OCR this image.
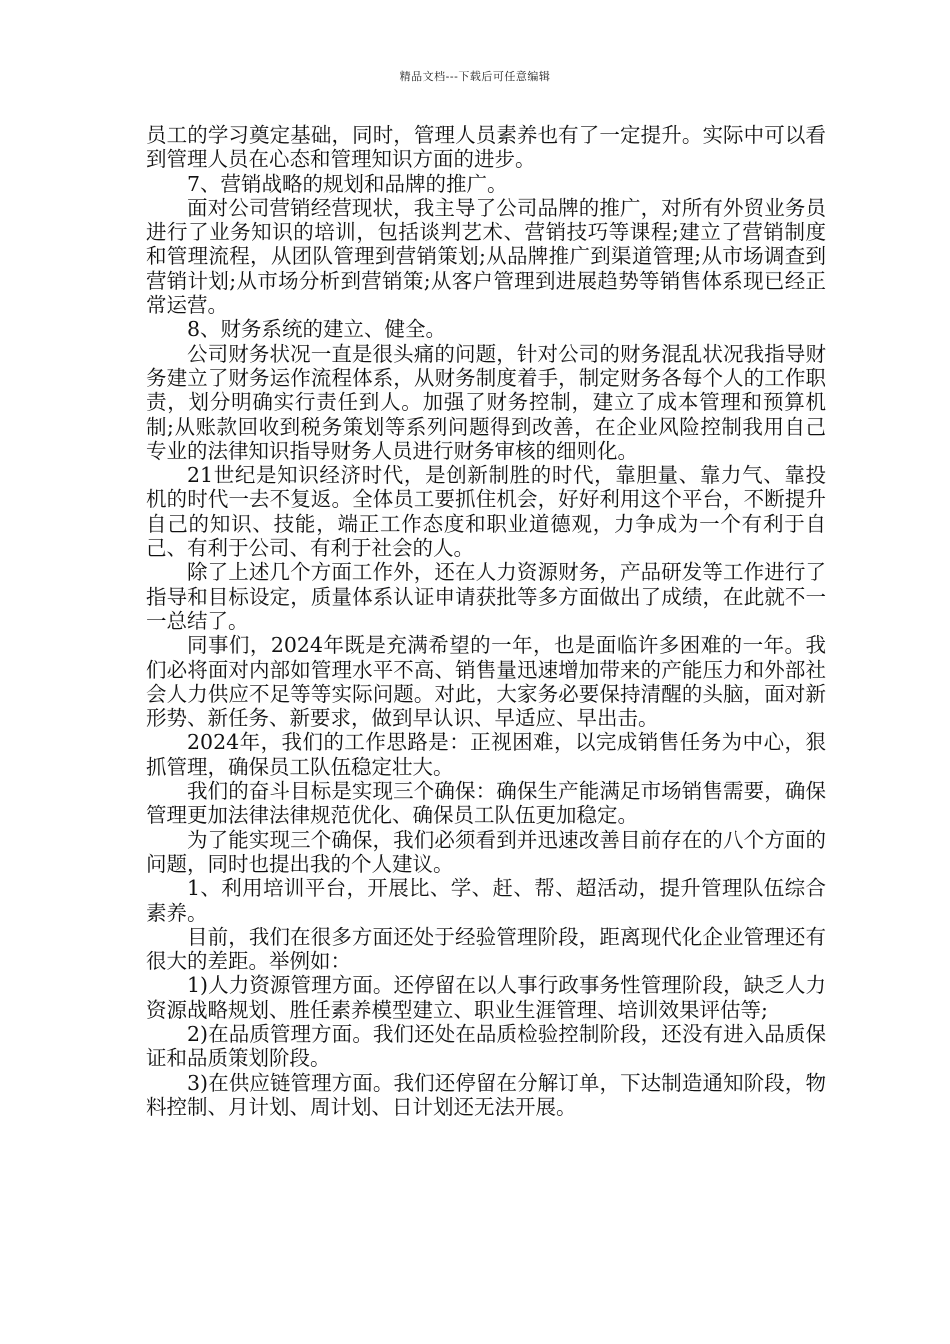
精品文档---下载后可任意编辑

员工的学习奠定基础，同时，管理人员素养也有了一定提升。实际中可以看到管理人员在心态和管理知识方面的进步。

7、营销战略的规划和品牌的推广。

面对公司营销经营现状，我主导了公司品牌的推广，对所有外贸业务员进行了业务知识的培训，包括谈判艺术、营销技巧等课程;建立了营销制度和管理流程，从团队管理到营销策划;从品牌推广到渠道管理;从市场调查到营销计划;从市场分析到营销策;从客户管理到进展趋势等销售体系现已经正常运营。

8、财务系统的建立、健全。

公司财务状况一直是很头痛的问题，针对公司的财务混乱状况我指导财务建立了财务运作流程体系，从财务制度着手，制定财务各每个人的工作职责，划分明确实行责任到人。加强了财务控制，建立了成本管理和预算机制;从账款回收到税务策划等系列问题得到改善，在企业风险控制我用自己专业的法律知识指导财务人员进行财务审核的细则化。

21世纪是知识经济时代，是创新制胜的时代，靠胆量、靠力气、靠投机的时代一去不复返。全体员工要抓住机会，好好利用这个平台，不断提升自己的知识、技能，端正工作态度和职业道德观，力争成为一个有利于自己、有利于公司、有利于社会的人。

除了上述几个方面工作外，还在人力资源财务，产品研发等工作进行了指导和目标设定，质量体系认证申请获批等多方面做出了成绩，在此就不一一总结了。

同事们，2024年既是充满希望的一年，也是面临许多困难的一年。我们必将面对内部如管理水平不高、销售量迅速增加带来的产能压力和外部社会人力供应不足等等实际问题。对此，大家务必要保持清醒的头脑，面对新形势、新任务、新要求，做到早认识、早适应、早出击。

2024年，我们的工作思路是：正视困难，以完成销售任务为中心，狠抓管理，确保员工队伍稳定壮大。

我们的奋斗目标是实现三个确保：确保生产能满足市场销售需要，确保管理更加法律法律规范优化、确保员工队伍更加稳定。

为了能实现三个确保，我们必须看到并迅速改善目前存在的八个方面的问题，同时也提出我的个人建议。

1、利用培训平台，开展比、学、赶、帮、超活动，提升管理队伍综合素养。

目前，我们在很多方面还处于经验管理阶段，距离现代化企业管理还有很大的差距。举例如：

1)人力资源管理方面。还停留在以人事行政事务性管理阶段，缺乏人力资源战略规划、胜任素养模型建立、职业生涯管理、培训效果评估等;

2)在品质管理方面。我们还处在品质检验控制阶段，还没有进入品质保证和品质策划阶段。

3)在供应链管理方面。我们还停留在分解订单，下达制造通知阶段，物料控制、月计划、周计划、日计划还无法开展。
